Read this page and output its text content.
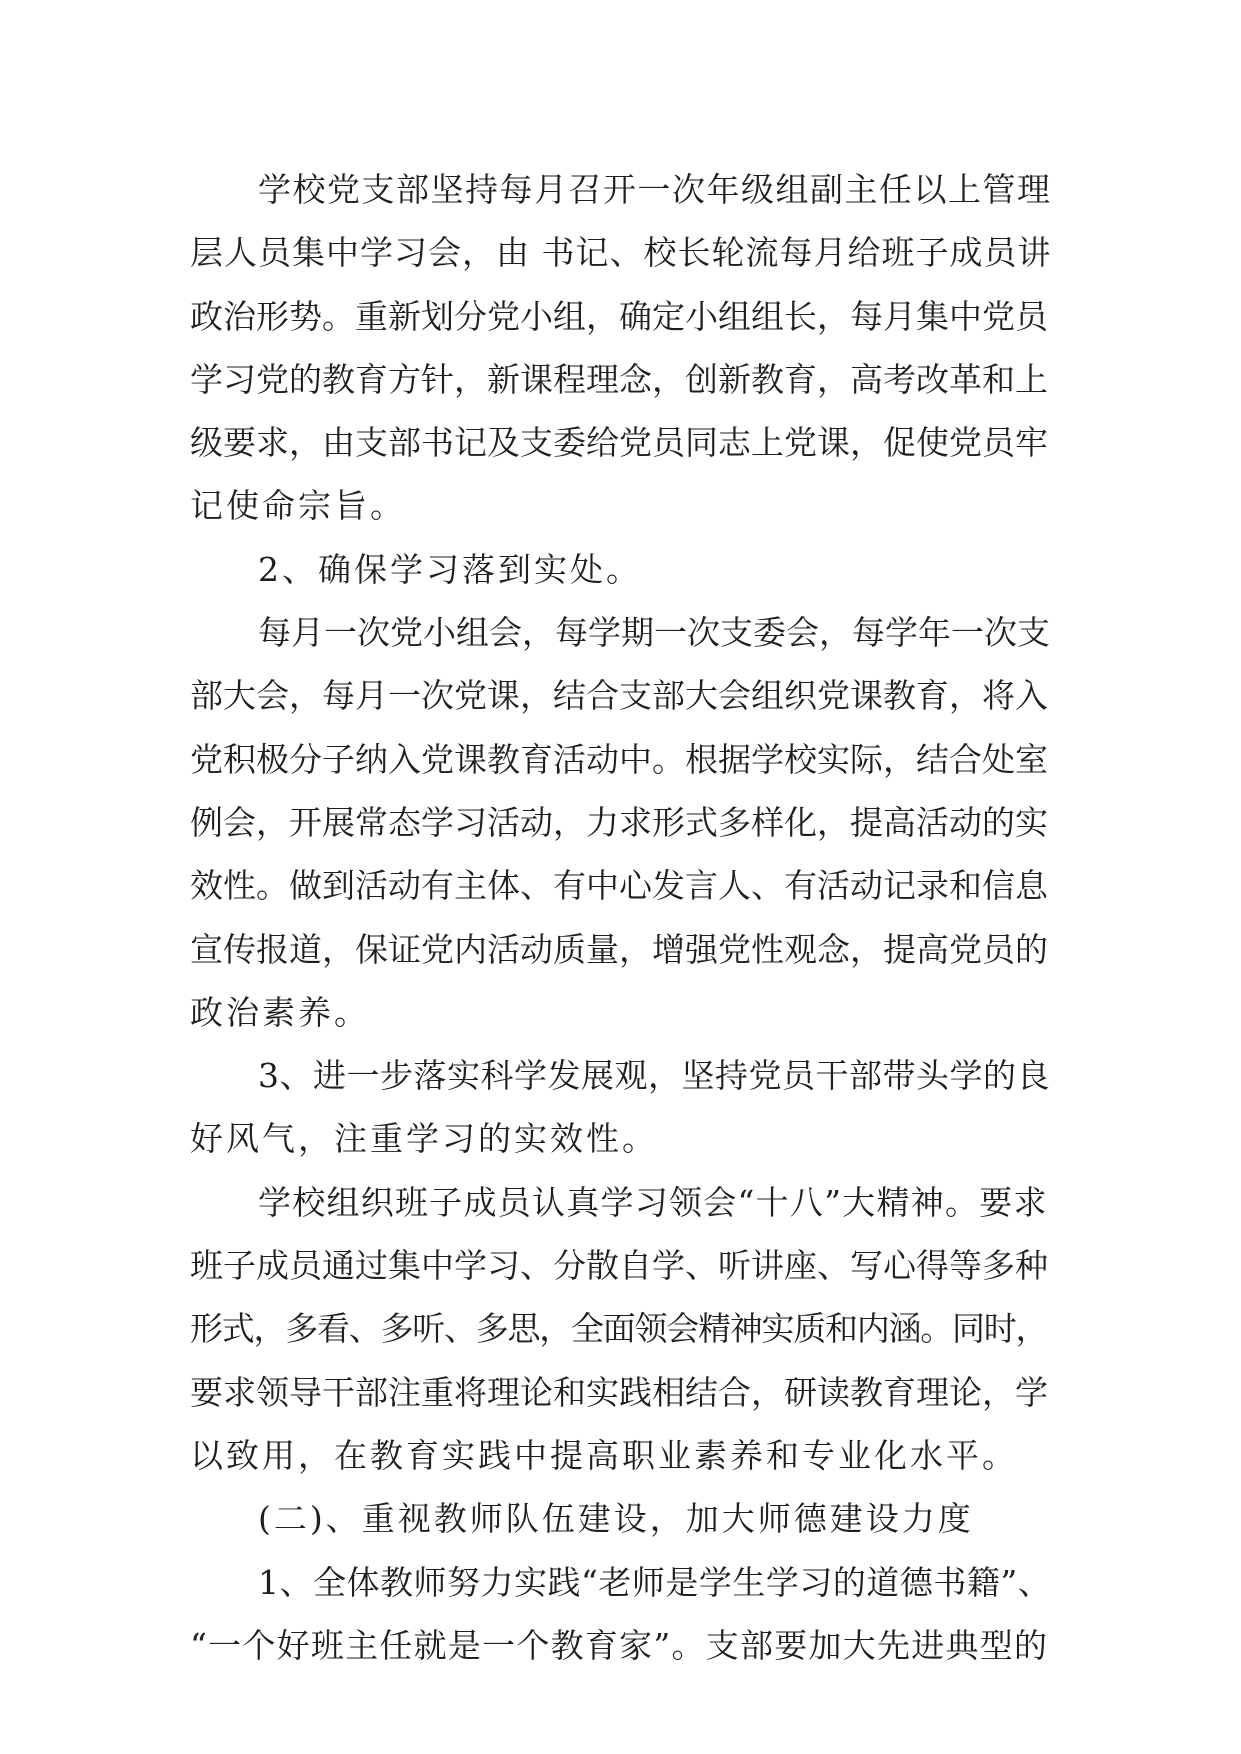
学校党支部坚持每月召开一次年级组副主任以上管理
层人员集中学习会，由 书记、校长轮流每月给班子成员讲
政治形势。重新划分党小组，确定小组组长，每月集中党员
学习党的教育方针，新课程理念，创新教育，高考改革和上
级要求，由支部书记及支委给党员同志上党课，促使党员牢
记使命宗旨。

2、确保学习落到实处。

每月一次党小组会，每学期一次支委会，每学年一次支
部大会，每月一次党课，结合支部大会组织党课教育，将入
党积极分子纳入党课教育活动中。根据学校实际，结合处室
例会，开展常态学习活动，力求形式多样化，提高活动的实
效性。做到活动有主体、有中心发言人、有活动记录和信息
宣传报道，保证党内活动质量，增强党性观念，提高党员的
政治素养。

3、进一步落实科学发展观，坚持党员干部带头学的良
好风气，注重学习的实效性。

学校组织班子成员认真学习领会“十八”大精神。要求
班子成员通过集中学习、分散自学、听讲座、写心得等多种
形式，多看、多听、多思，全面领会精神实质和内涵。同时，
要求领导干部注重将理论和实践相结合，研读教育理论，学
以致用，在教育实践中提高职业素养和专业化水平。

(二)、重视教师队伍建设，加大师德建设力度

1、全体教师努力实践“老师是学生学习的道德书籍”、
“一个好班主任就是一个教育家”。支部要加大先进典型的
